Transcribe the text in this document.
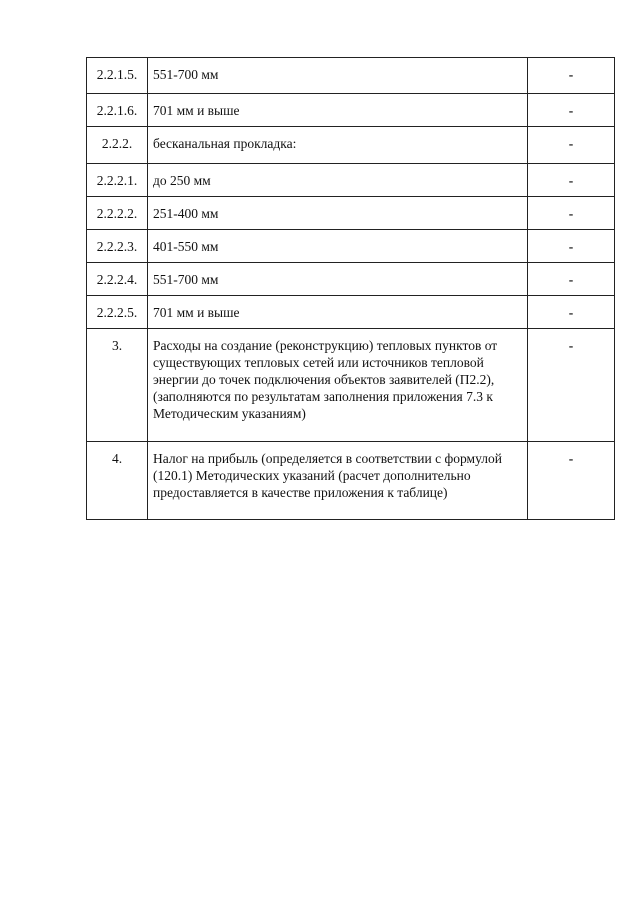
2.2.1.5.	551-700 мм	-
2.2.1.6.	701 мм и выше	-
2.2.2.	бесканальная прокладка:	-
2.2.2.1.	до 250 мм	-
2.2.2.2.	251-400 мм	-
2.2.2.3.	401-550 мм	-
2.2.2.4.	551-700 мм	-
2.2.2.5.	701 мм и выше	-
3.	Расходы на создание (реконструкцию) тепловых пунктов от существующих тепловых сетей или источников тепловой энергии до точек подключения объектов заявителей (П2.2), (заполняются по результатам заполнения приложения 7.3 к Методическим указаниям)	-
4.	Налог на прибыль (определяется в соответствии с формулой (120.1) Методических указаний (расчет дополнительно предоставляется в качестве приложения к таблице)	-
